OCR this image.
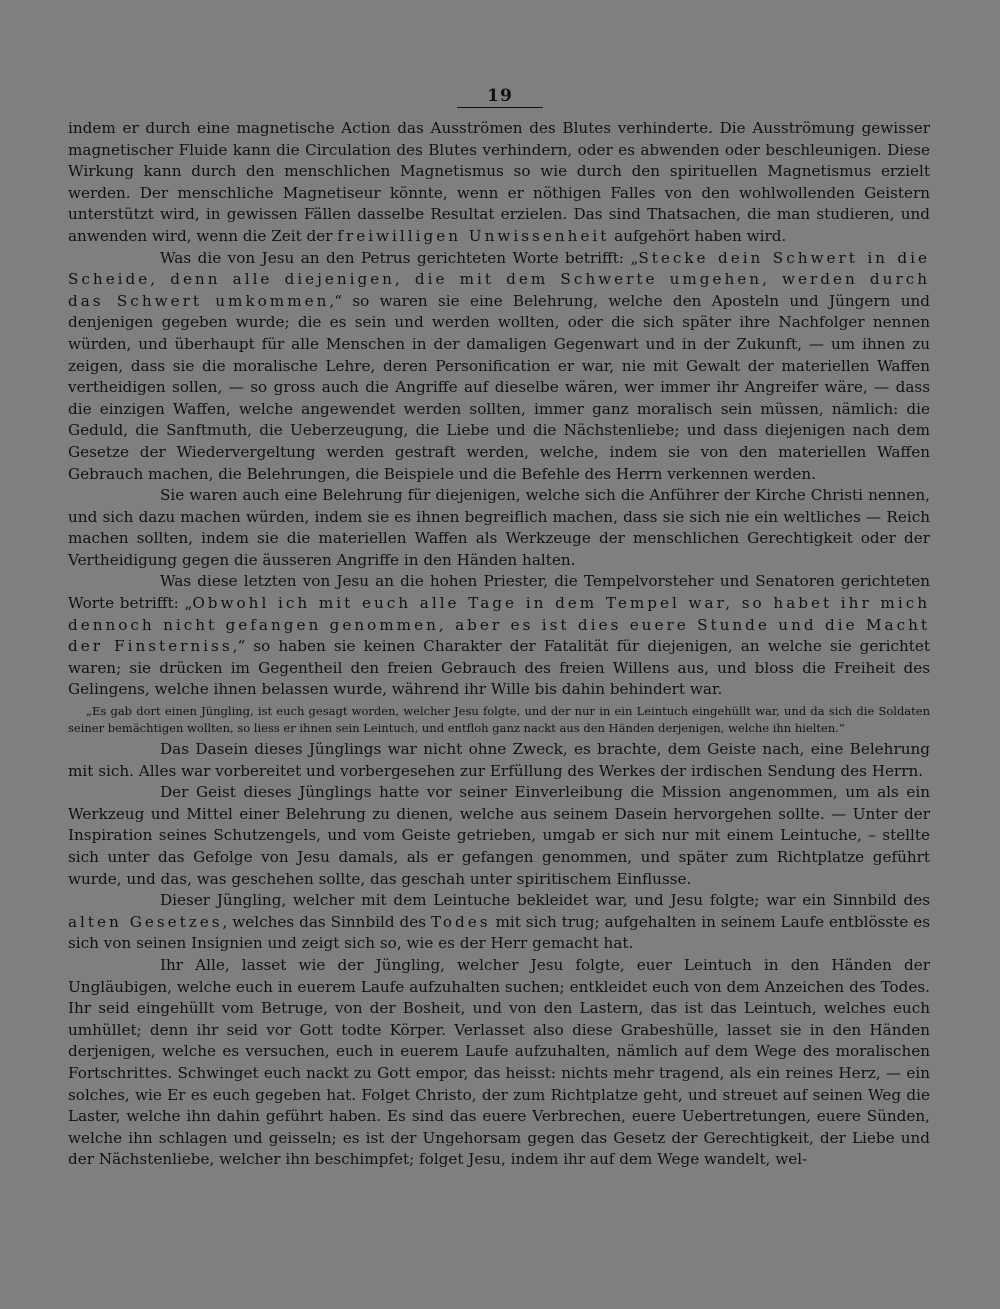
19

indem er durch eine magnetische Action das Ausströmen des Blutes verhinderte. Die Ausströmung gewisser magnetischer Fluide kann die Circulation des Blutes verhindern, oder es abwenden oder beschleunigen. Diese Wirkung kann durch den menschlichen Magnetismus so wie durch den spirituellen Magnetismus erzielt werden. Der menschliche Magnetiseur könnte, wenn er nöthigen Falles von den wohlwollenden Geistern unterstützt wird, in gewissen Fällen dasselbe Resultat erzielen. Das sind Thatsachen, die man studieren, und anwenden wird, wenn die Zeit der freiwilligen Unwissenheit aufgehört haben wird.

Was die von Jesu an den Petrus gerichteten Worte betrifft: „Stecke dein Schwert in die Scheide, denn alle diejenigen, die mit dem Schwerte umgehen, werden durch das Schwert umkommen,“ so waren sie eine Belehrung, welche den Aposteln und Jüngern und denjenigen gegeben wurde; die es sein und werden wollten, oder die sich später ihre Nachfolger nennen würden, und überhaupt für alle Menschen in der damaligen Gegenwart und in der Zukunft, — um ihnen zu zeigen, dass sie die moralische Lehre, deren Personification er war, nie mit Gewalt der materiellen Waffen vertheidigen sollen, — so gross auch die Angriffe auf dieselbe wären, wer immer ihr Angreifer wäre, — dass die einzigen Waffen, welche angewendet werden sollten, immer ganz moralisch sein müssen, nämlich: die Geduld, die Sanftmuth, die Ueberzeugung, die Liebe und die Nächstenliebe; und dass diejenigen nach dem Gesetze der Wiedervergeltung werden gestraft werden, welche, indem sie von den materiellen Waffen Gebrauch machen, die Belehrungen, die Beispiele und die Befehle des Herrn verkennen werden.

Sie waren auch eine Belehrung für diejenigen, welche sich die Anführer der Kirche Christi nennen, und sich dazu machen würden, indem sie es ihnen begreiflich machen, dass sie sich nie ein weltliches — Reich machen sollten, indem sie die materiellen Waffen als Werkzeuge der menschlichen Gerechtigkeit oder der Vertheidigung gegen die äusseren Angriffe in den Händen halten.

Was diese letzten von Jesu an die hohen Priester, die Tempelvorsteher und Senatoren gerichteten Worte betrifft: „Obwohl ich mit euch alle Tage in dem Tempel war, so habet ihr mich dennoch nicht gefangen genommen, aber es ist dies euere Stunde und die Macht der Finsterniss,“ so haben sie keinen Charakter der Fatalität für diejenigen, an welche sie gerichtet waren; sie drücken im Gegentheil den freien Gebrauch des freien Willens aus, und bloss die Freiheit des Gelingens, welche ihnen belassen wurde, während ihr Wille bis dahin behindert war.

„Es gab dort einen Jüngling, ist euch gesagt worden, welcher Jesu folgte, und der nur in ein Leintuch eingehüllt war, und da sich die Soldaten seiner bemächtigen wollten, so liess er ihnen sein Leintuch, und entfloh ganz nackt aus den Händen derjenigen, welche ihn hielten.“

Das Dasein dieses Jünglings war nicht ohne Zweck, es brachte, dem Geiste nach, eine Belehrung mit sich. Alles war vorbereitet und vorbergesehen zur Erfüllung des Werkes der irdischen Sendung des Herrn.

Der Geist dieses Jünglings hatte vor seiner Einverleibung die Mission angenommen, um als ein Werkzeug und Mittel einer Belehrung zu dienen, welche aus seinem Dasein hervorgehen sollte. — Unter der Inspiration seines Schutzengels, und vom Geiste getrieben, umgab er sich nur mit einem Leintuche, – stellte sich unter das Gefolge von Jesu damals, als er gefangen genommen, und später zum Richtplatze geführt wurde, und das, was geschehen sollte, das geschah unter spiritischem Einflusse.

Dieser Jüngling, welcher mit dem Leintuche bekleidet war, und Jesu folgte; war ein Sinnbild des alten Gesetzes, welches das Sinnbild des Todes mit sich trug; aufgehalten in seinem Laufe entblösste es sich von seinen Insignien und zeigt sich so, wie es der Herr gemacht hat.

Ihr Alle, lasset wie der Jüngling, welcher Jesu folgte, euer Leintuch in den Händen der Ungläubigen, welche euch in euerem Laufe aufzuhalten suchen; entkleidet euch von dem Anzeichen des Todes. Ihr seid eingehüllt vom Betruge, von der Bosheit, und von den Lastern, das ist das Leintuch, welches euch umhüllet; denn ihr seid vor Gott todte Körper. Verlasset also diese Grabeshülle, lasset sie in den Händen derjenigen, welche es versuchen, euch in euerem Laufe aufzuhalten, nämlich auf dem Wege des moralischen Fortschrittes. Schwinget euch nackt zu Gott empor, das heisst: nichts mehr tragend, als ein reines Herz, — ein solches, wie Er es euch gegeben hat. Folget Christo, der zum Richtplatze geht, und streuet auf seinen Weg die Laster, welche ihn dahin geführt haben. Es sind das euere Verbrechen, euere Uebertretungen, euere Sünden, welche ihn schlagen und geisseln; es ist der Ungehorsam gegen das Gesetz der Gerechtigkeit, der Liebe und der Nächstenliebe, welcher ihn beschimpfet; folget Jesu, indem ihr auf dem Wege wandelt, wel-
